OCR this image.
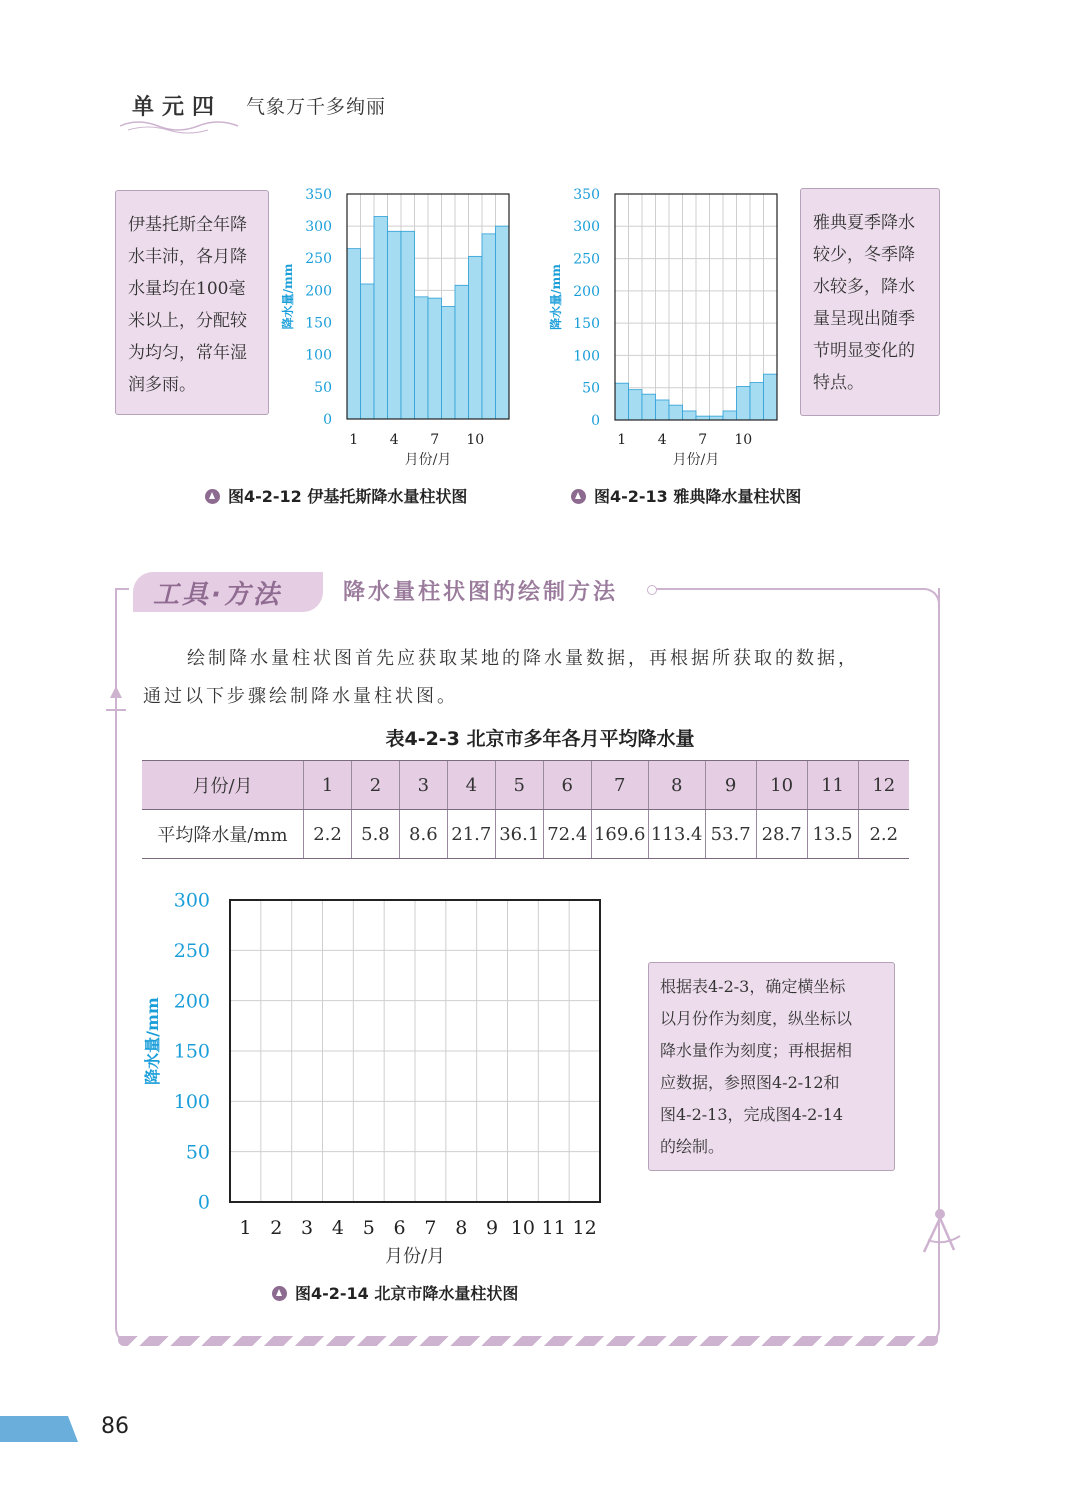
单元四 气象万千多绚丽
伊基托斯全年降
水丰沛，各月降
水量均在100毫
米以上，分配较
为均匀，常年湿
润多雨。
0
50
100
150
200
250
300
350
1 4 7 10
月份/月
降水量/mm
0
50
100
150
200
250
300
350
1 4 7 10
月份/月
降水量/mm
雅典夏季降水
较少，冬季降
水较多，降水
量呈现出随季
节明显变化的
特点。
图4-2-12 伊基托斯降水量柱状图	图4-2-13 雅典降水量柱状图
工具·方法	降水量柱状图的绘制方法
绘制降水量柱状图首先应获取某地的降水量数据，再根据所获取的数据，
通过以下步骤绘制降水量柱状图。
表4-2-3 北京市多年各月平均降水量
月份/月	1	2	3	4	5	6	7	8	9	10	11	12
平均降水量/mm	2.2	5.8	8.6	21.7	36.1	72.4	169.6	113.4	53.7	28.7	13.5	2.2
0
50
100
150
200
250
300
1 2 3 4 5 6 7 8 9 10 11 12
月份/月
降水量/mm
根据表4-2-3，确定横坐标
以月份作为刻度，纵坐标以
降水量作为刻度；再根据相
应数据，参照图4-2-12和
图4-2-13，完成图4-2-14
的绘制。
图4-2-14 北京市降水量柱状图
86
